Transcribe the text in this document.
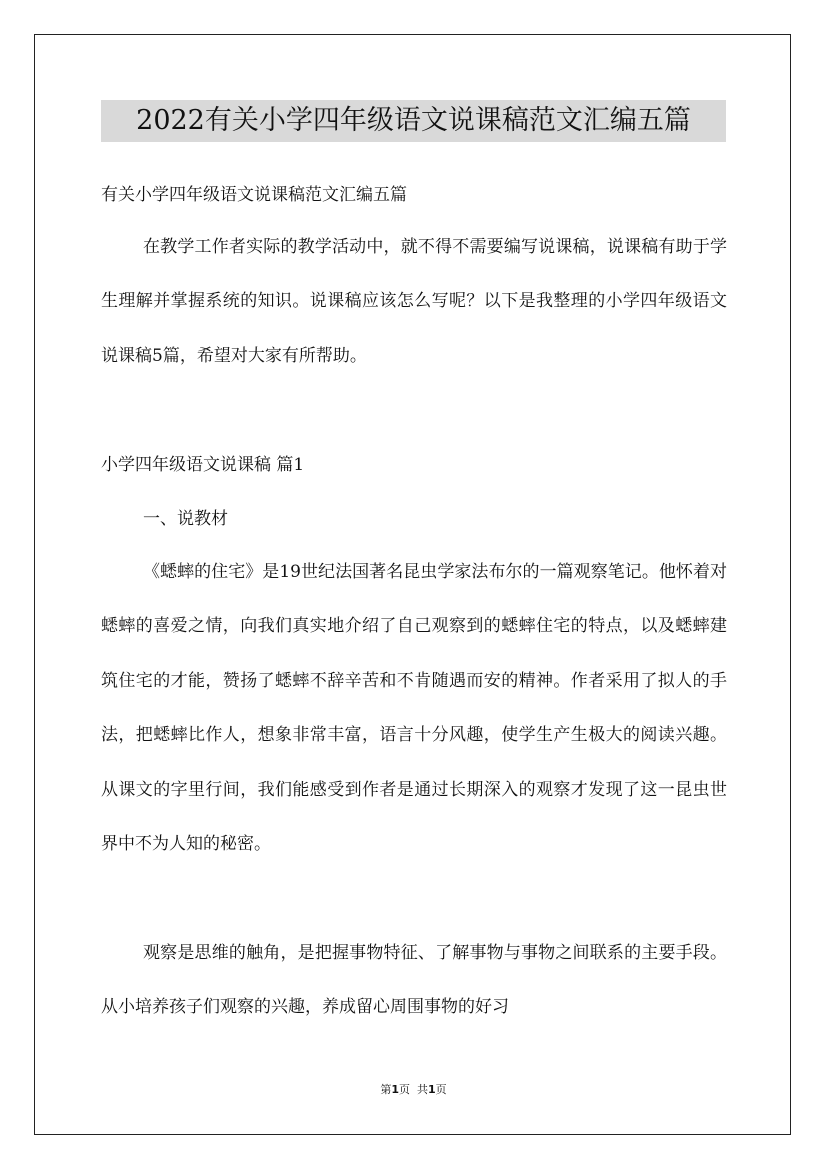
2022有关小学四年级语文说课稿范文汇编五篇
有关小学四年级语文说课稿范文汇编五篇

在教学工作者实际的教学活动中，就不得不需要编写说课稿，说课稿有助于学生理解并掌握系统的知识。说课稿应该怎么写呢？以下是我整理的小学四年级语文说课稿5篇，希望对大家有所帮助。

小学四年级语文说课稿 篇1
一、说教材

《蟋蟀的住宅》是19世纪法国著名昆虫学家法布尔的一篇观察笔记。他怀着对蟋蟀的喜爱之情，向我们真实地介绍了自己观察到的蟋蟀住宅的特点，以及蟋蟀建筑住宅的才能，赞扬了蟋蟀不辞辛苦和不肯随遇而安的精神。作者采用了拟人的手法，把蟋蟀比作人，想象非常丰富，语言十分风趣，使学生产生极大的阅读兴趣。从课文的字里行间，我们能感受到作者是通过长期深入的观察才发现了这一昆虫世界中不为人知的秘密。

观察是思维的触角，是把握事物特征、了解事物与事物之间联系的主要手段。从小培养孩子们观察的兴趣，养成留心周围事物的好习

第1页 共1页
